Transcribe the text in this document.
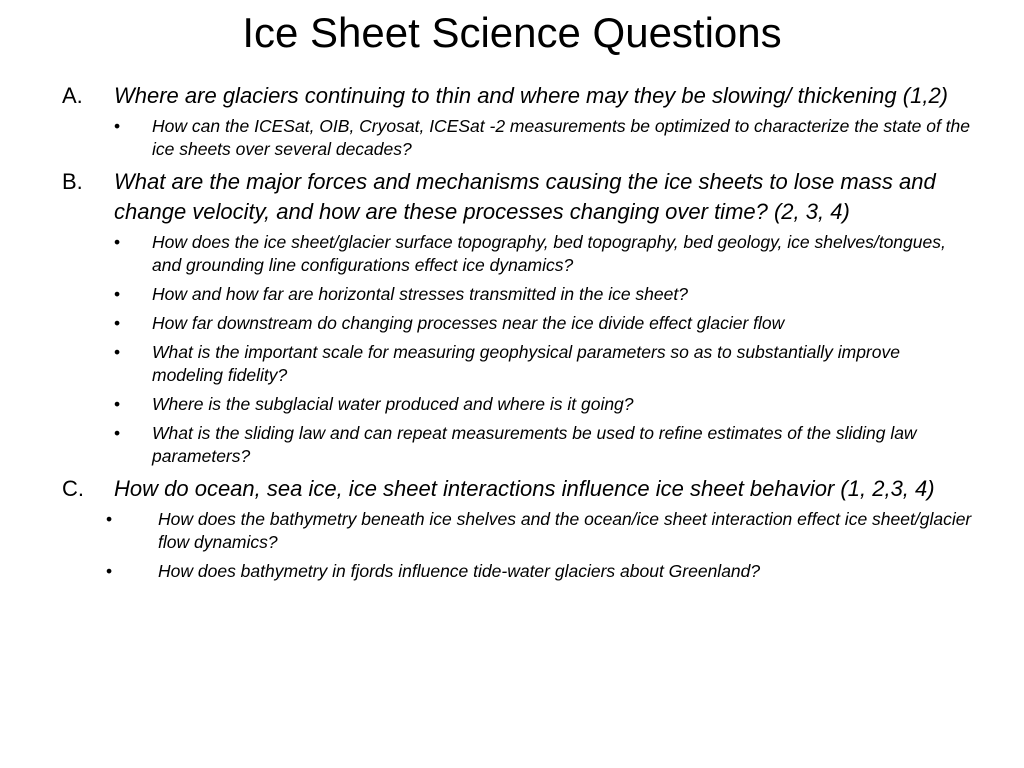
Ice Sheet Science Questions
A. Where are glaciers continuing to thin and where may they be slowing/ thickening (1,2)
• How can the ICESat, OIB, Cryosat, ICESat -2 measurements be optimized to characterize the state of the ice sheets over several decades?
B. What are the major forces and mechanisms causing the ice sheets to lose mass and change velocity, and how are these processes changing over time? (2, 3, 4)
• How does the ice sheet/glacier surface topography, bed topography, bed geology, ice shelves/tongues, and grounding line configurations effect ice dynamics?
• How and how far are horizontal stresses transmitted in the ice sheet?
• How far downstream do changing processes near the ice divide effect glacier flow
• What is the important scale for measuring geophysical parameters so as to substantially improve modeling fidelity?
• Where is the subglacial water produced and where is it going?
• What is the sliding law and can repeat measurements be used to refine estimates of the sliding law parameters?
C. How do ocean, sea ice, ice sheet interactions influence ice sheet behavior (1, 2,3, 4)
•	How does the bathymetry beneath ice shelves and the ocean/ice sheet interaction effect ice sheet/glacier flow dynamics?
•	How does bathymetry in fjords influence tide-water glaciers about Greenland?
